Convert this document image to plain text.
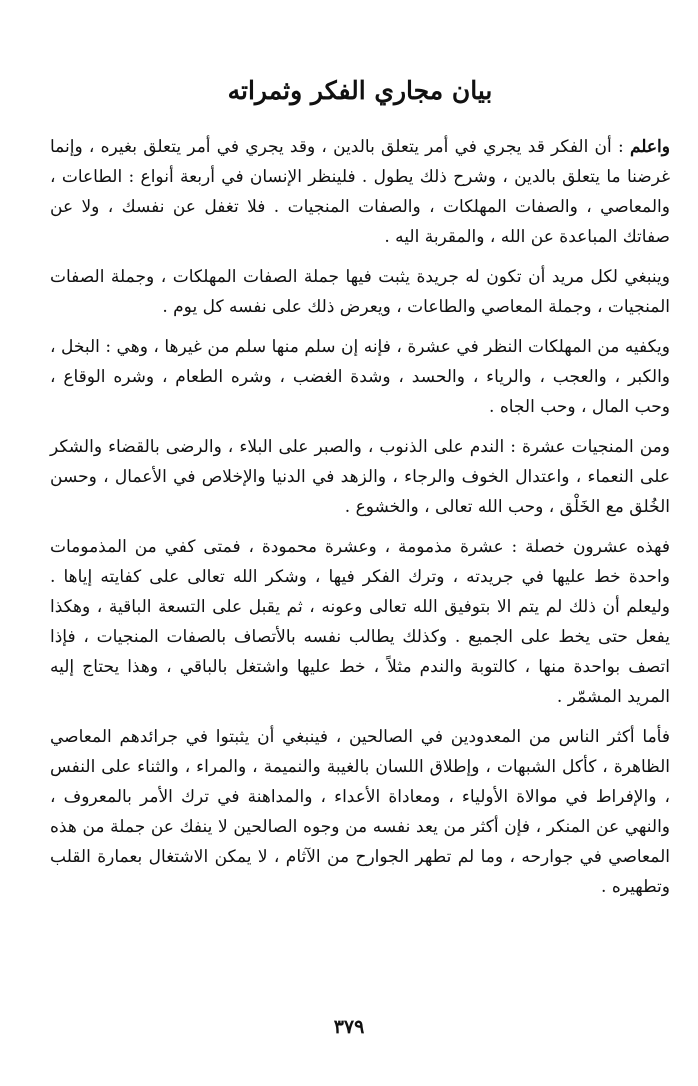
بيان مجاري الفكر وثمراته

واعلم : أن الفكر قد يجري في أمر يتعلق بالدين ، وقد يجري في أمر يتعلق بغيره ، وإنما غرضنا ما يتعلق بالدين ، وشرح ذلك يطول . فلينظر الإنسان في أربعة أنواع : الطاعات ، والمعاصي ، والصفات المهلكات ، والصفات المنجيات . فلا تغفل عن نفسك ، ولا عن صفاتك المباعدة عن الله ، والمقربة اليه .

وينبغي لكل مريد أن تكون له جريدة يثبت فيها جملة الصفات المهلكات ، وجملة الصفات المنجيات ، وجملة المعاصي والطاعات ، ويعرض ذلك على نفسه كل يوم .

ويكفيه من المهلكات النظر في عشرة ، فإنه إن سلم منها سلم من غيرها ، وهي : البخل ، والكبر ، والعجب ، والرياء ، والحسد ، وشدة الغضب ، وشره الطعام ، وشره الوقاع ، وحب المال ، وحب الجاه .

ومن المنجيات عشرة : الندم على الذنوب ، والصبر على البلاء ، والرضى بالقضاء والشكر على النعماء ، واعتدال الخوف والرجاء ، والزهد في الدنيا والإخلاص في الأعمال ، وحسن الخُلق مع الخَلْق ، وحب الله تعالى ، والخشوع .

فهذه عشرون خصلة : عشرة مذمومة ، وعشرة محمودة ، فمتى كفي من المذمومات واحدة خط عليها في جريدته ، وترك الفكر فيها ، وشكر الله تعالى على كفايته إياها . وليعلم أن ذلك لم يتم الا بتوفيق الله تعالى وعونه ، ثم يقبل على التسعة الباقية ، وهكذا يفعل حتى يخط على الجميع . وكذلك يطالب نفسه بالأتصاف بالصفات المنجيات ، فإذا اتصف بواحدة منها ، كالتوبة والندم مثلاً ، خط عليها واشتغل بالباقي ، وهذا يحتاج إليه المريد المشمّر .

فأما أكثر الناس من المعدودين في الصالحين ، فينبغي أن يثبتوا في جرائدهم المعاصي الظاهرة ، كأكل الشبهات ، وإطلاق اللسان بالغيبة والنميمة ، والمراء ، والثناء على النفس ، والإفراط في موالاة الأولياء ، ومعاداة الأعداء ، والمداهنة في ترك الأمر بالمعروف ، والنهي عن المنكر ، فإن أكثر من يعد نفسه من وجوه الصالحين لا ينفك عن جملة من هذه المعاصي في جوارحه ، وما لم تطهر الجوارح من الآثام ، لا يمكن الاشتغال بعمارة القلب وتطهيره .

٣٧٩
